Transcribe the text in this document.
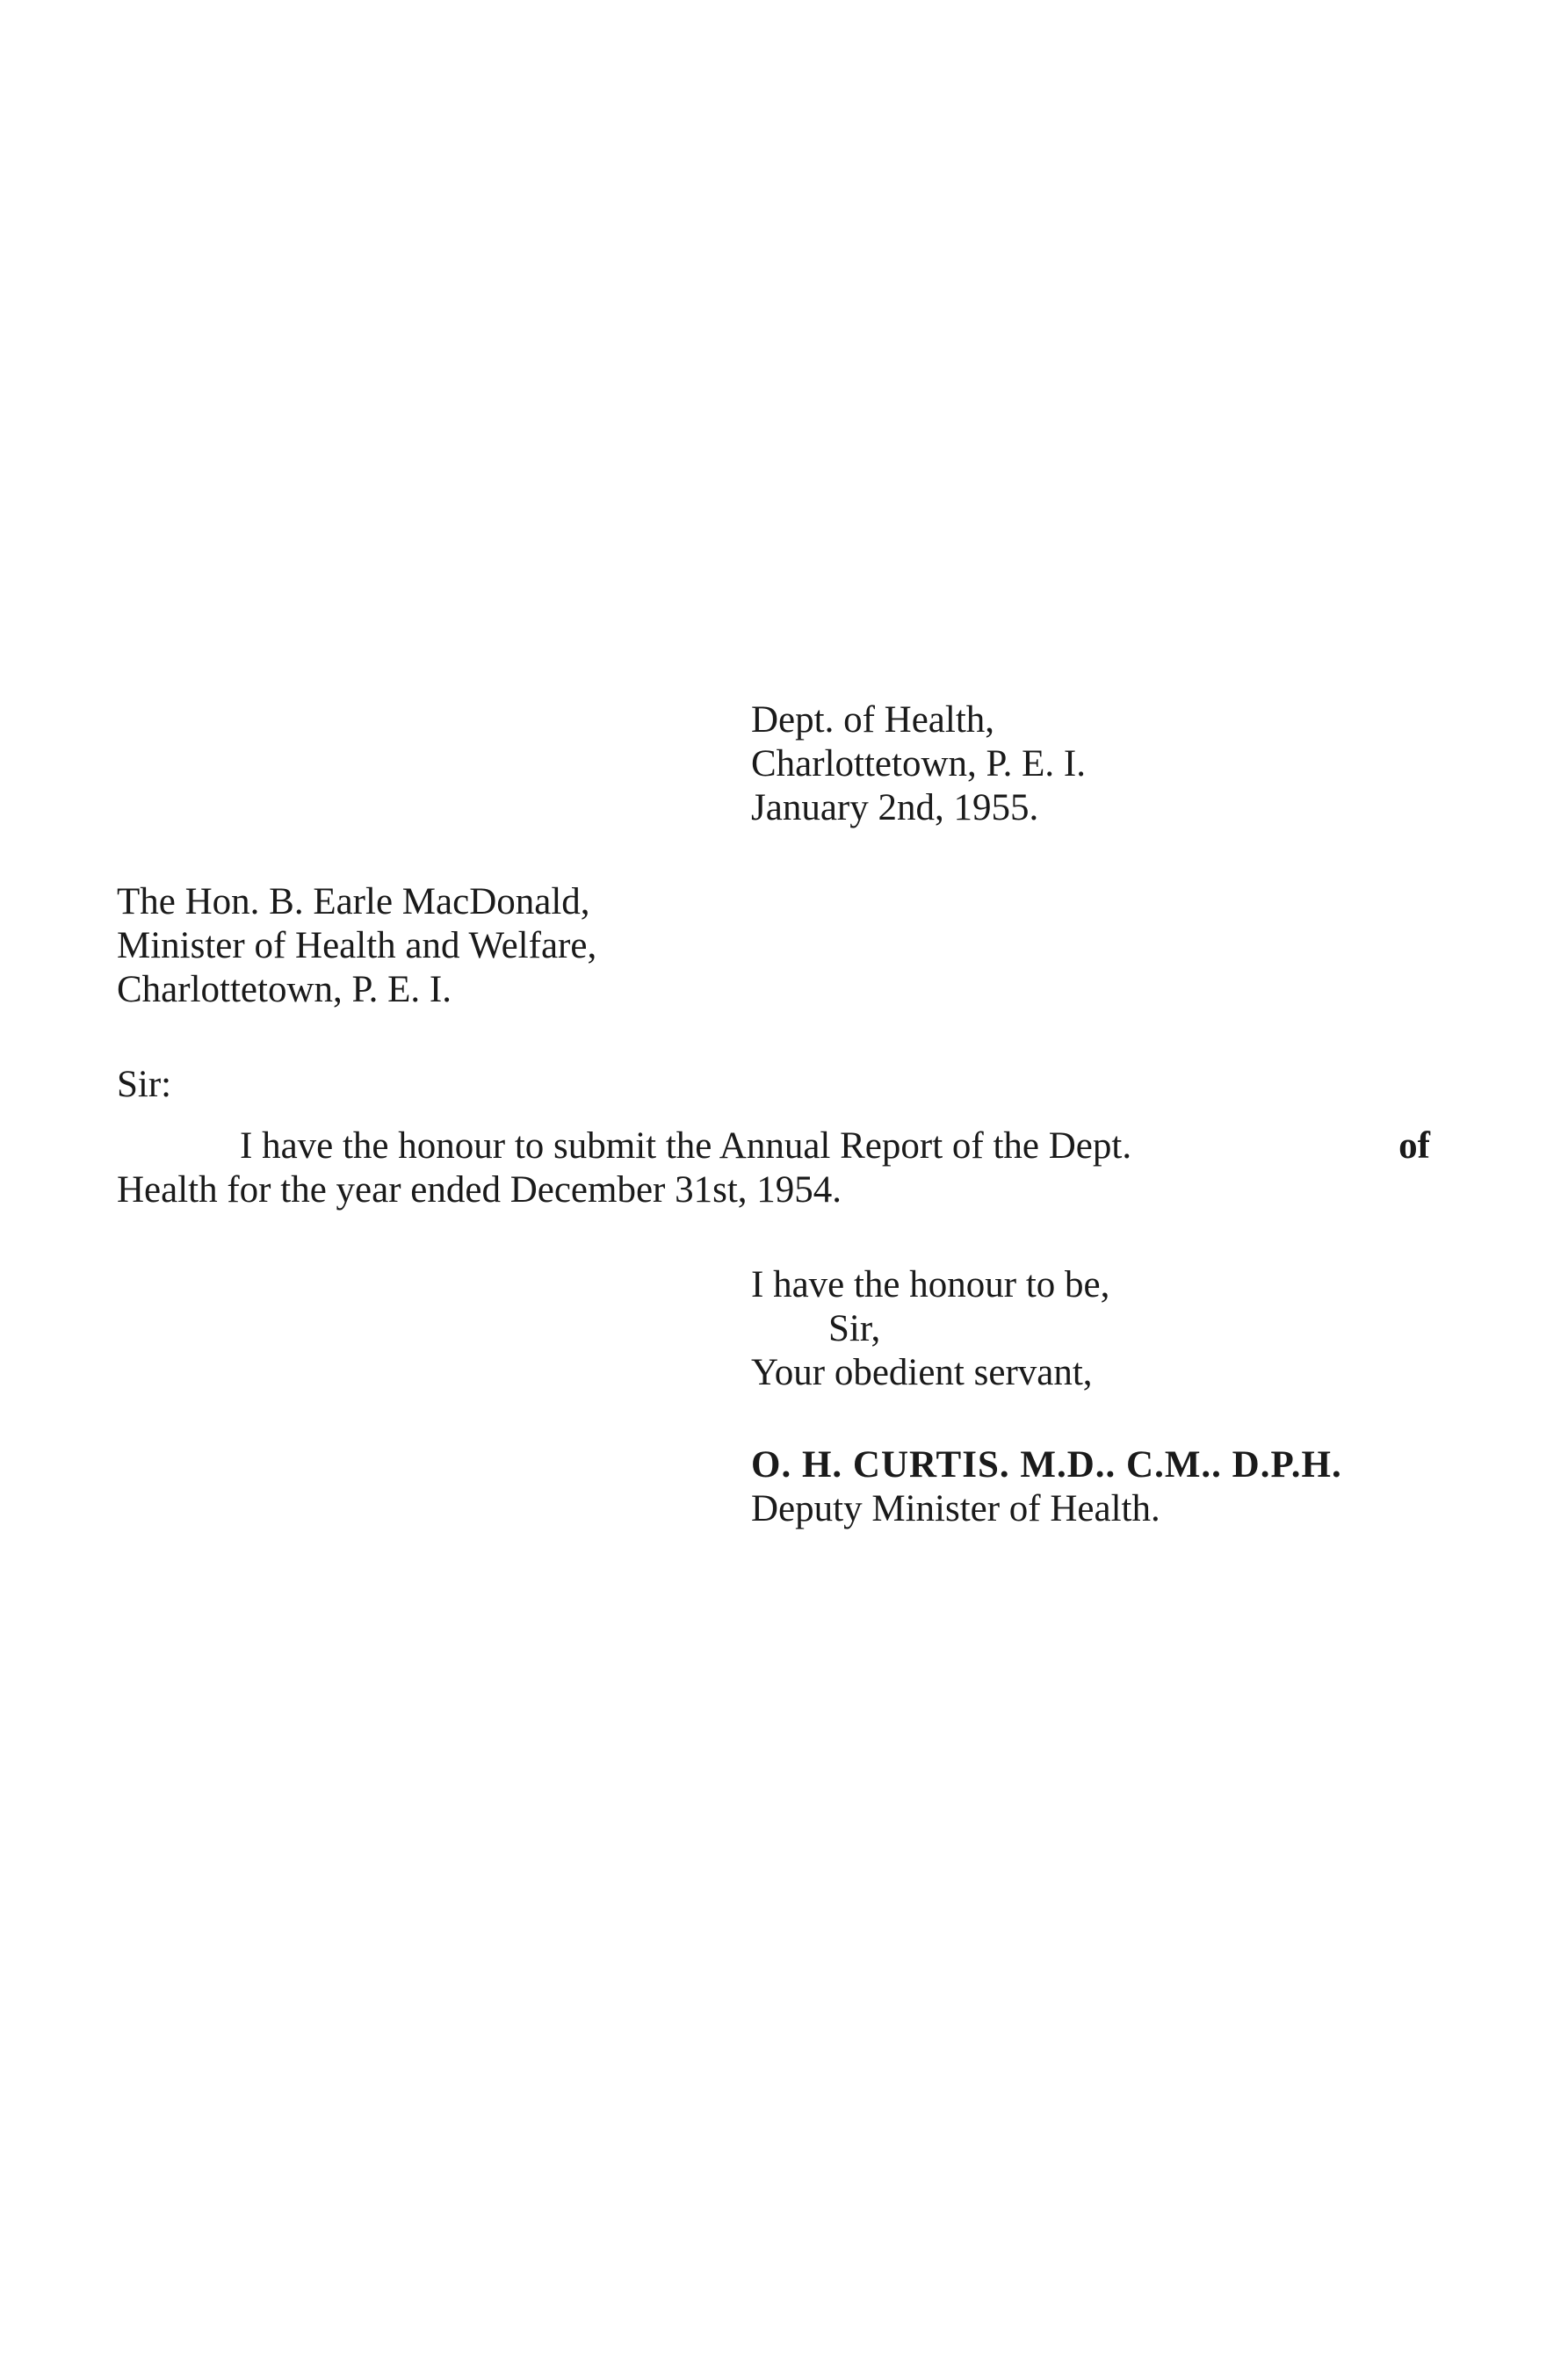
Dept. of Health,
Charlottetown, P. E. I.
January 2nd, 1955.
The Hon. B. Earle MacDonald,
Minister of Health and Welfare,
Charlottetown, P. E. I.
Sir:
I have the honour to submit the Annual Report of the Dept.	of
Health for the year ended December 31st, 1954.
I have the honour to be,
Sir,
Your obedient servant,
O. H. CURTIS. M.D.. C.M.. D.P.H.
Deputy Minister of Health.
